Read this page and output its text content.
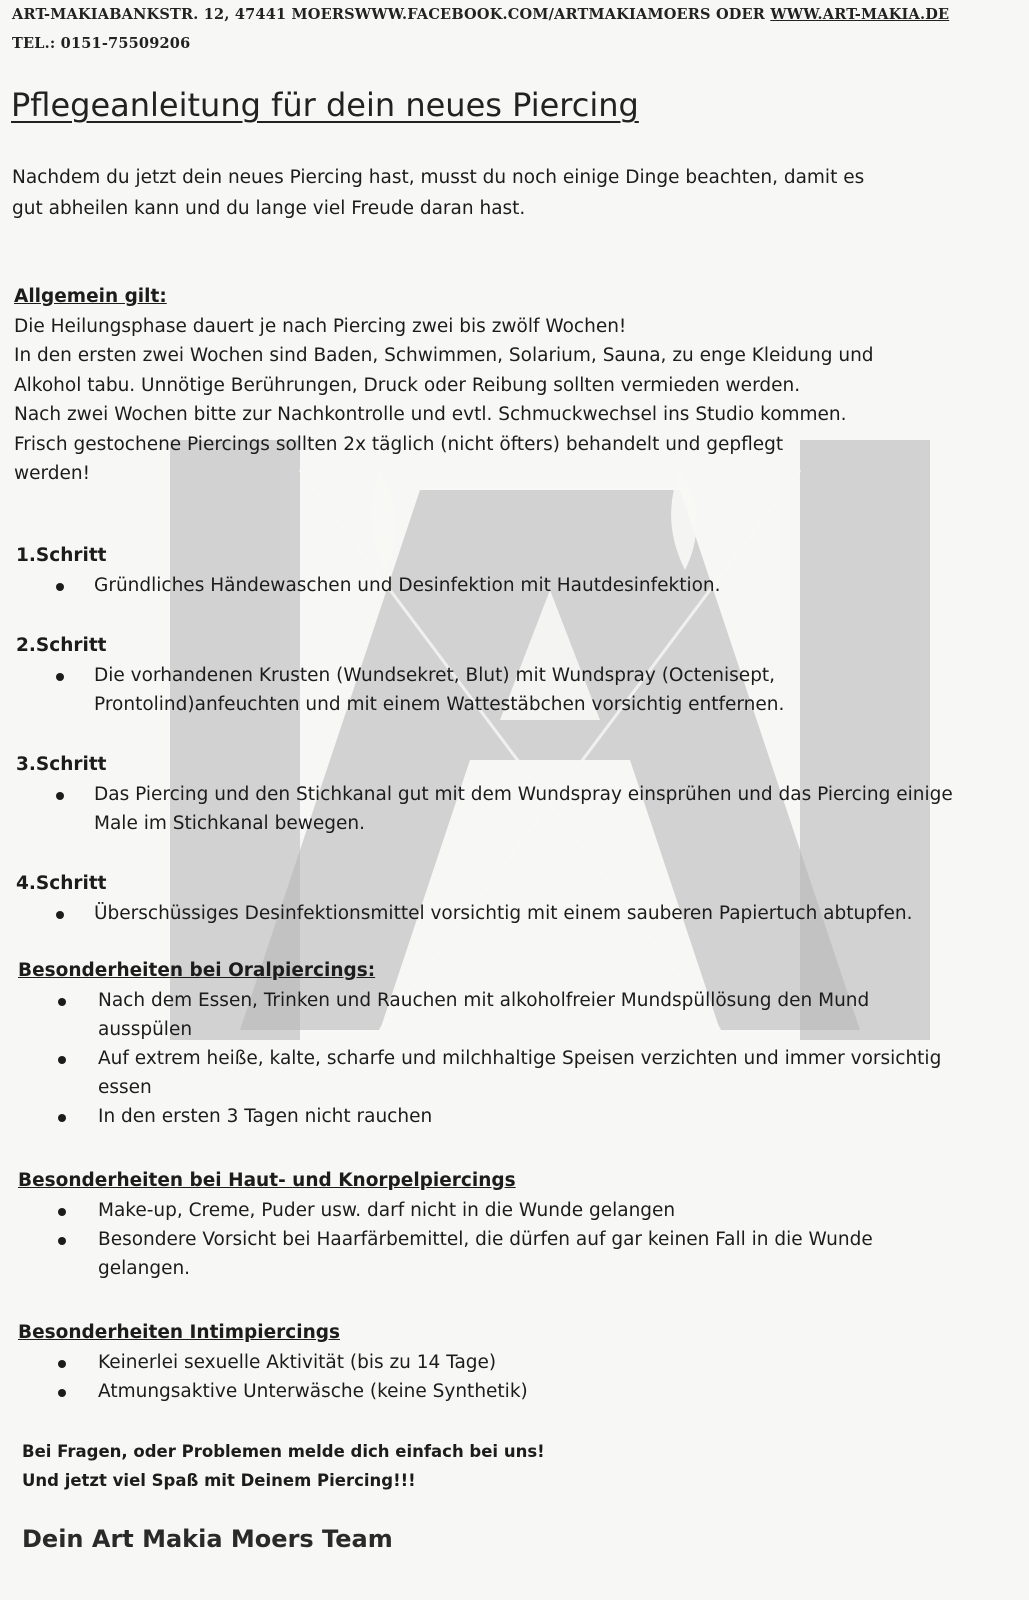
ART-MAKIABANKSTR. 12, 47441 MOERSWWW.FACEBOOK.COM/ARTMAKIAMOERS ODER WWW.ART-MAKIA.DE
TEL.: 0151-75509206
Pflegeanleitung für dein neues Piercing
Nachdem du jetzt dein neues Piercing hast, musst du noch einige Dinge beachten, damit es
gut abheilen kann und du lange viel Freude daran hast.
Allgemein gilt:
Die Heilungsphase dauert je nach Piercing zwei bis zwölf Wochen!
In den ersten zwei Wochen sind Baden, Schwimmen, Solarium, Sauna, zu enge Kleidung und
Alkohol tabu. Unnötige Berührungen, Druck oder Reibung sollten vermieden werden.
Nach zwei Wochen bitte zur Nachkontrolle und evtl. Schmuckwechsel ins Studio kommen.
Frisch gestochene Piercings sollten 2x täglich (nicht öfters) behandelt und gepflegt
werden!
1.Schritt
Gründliches Händewaschen und Desinfektion mit Hautdesinfektion.
2.Schritt
Die vorhandenen Krusten (Wundsekret, Blut) mit Wundspray (Octenisept, Prontolind)anfeuchten und mit einem Wattestäbchen vorsichtig entfernen.
3.Schritt
Das Piercing und den Stichkanal gut mit dem Wundspray einsprühen und das Piercing einige Male im Stichkanal bewegen.
4.Schritt
Überschüssiges Desinfektionsmittel vorsichtig mit einem sauberen Papiertuch abtupfen.
Besonderheiten bei Oralpiercings:
Nach dem Essen, Trinken und Rauchen mit alkoholfreier Mundspüllösung den Mund ausspülen
Auf extrem heiße, kalte, scharfe und milchhaltige Speisen verzichten und immer vorsichtig essen
In den ersten 3 Tagen nicht rauchen
Besonderheiten bei Haut- und Knorpelpiercings
Make-up, Creme, Puder usw. darf nicht in die Wunde gelangen
Besondere Vorsicht bei Haarfärbemittel, die dürfen auf gar keinen Fall in die Wunde gelangen.
Besonderheiten Intimpiercings
Keinerlei sexuelle Aktivität (bis zu 14 Tage)
Atmungsaktive Unterwäsche (keine Synthetik)
Bei Fragen, oder Problemen melde dich einfach bei uns!
Und jetzt viel Spaß mit Deinem Piercing!!!
Dein Art Makia Moers Team
